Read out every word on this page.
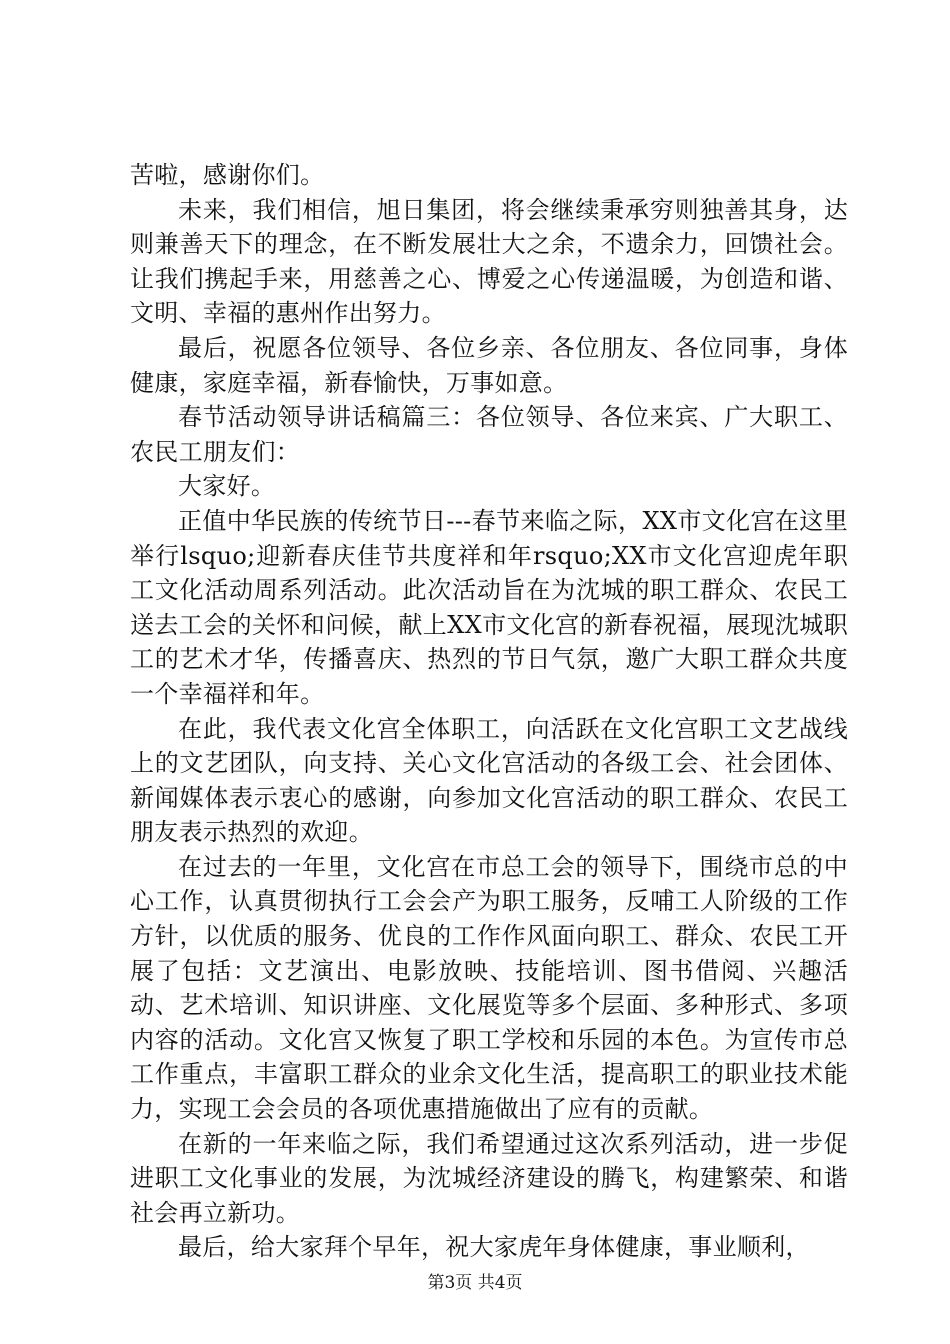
苦啦，感谢你们。

未来，我们相信，旭日集团，将会继续秉承穷则独善其身，达则兼善天下的理念，在不断发展壮大之余，不遗余力，回馈社会。让我们携起手来，用慈善之心、博爱之心传递温暖，为创造和谐、文明、幸福的惠州作出努力。

最后，祝愿各位领导、各位乡亲、各位朋友、各位同事，身体健康，家庭幸福，新春愉快，万事如意。

春节活动领导讲话稿篇三：各位领导、各位来宾、广大职工、农民工朋友们：

大家好。

正值中华民族的传统节日---春节来临之际，XX市文化宫在这里举行lsquo;迎新春庆佳节共度祥和年rsquo;XX市文化宫迎虎年职工文化活动周系列活动。此次活动旨在为沈城的职工群众、农民工送去工会的关怀和问候，献上XX市文化宫的新春祝福，展现沈城职工的艺术才华，传播喜庆、热烈的节日气氛，邀广大职工群众共度一个幸福祥和年。

在此，我代表文化宫全体职工，向活跃在文化宫职工文艺战线上的文艺团队，向支持、关心文化宫活动的各级工会、社会团体、新闻媒体表示衷心的感谢，向参加文化宫活动的职工群众、农民工朋友表示热烈的欢迎。

在过去的一年里，文化宫在市总工会的领导下，围绕市总的中心工作，认真贯彻执行工会会产为职工服务，反哺工人阶级的工作方针，以优质的服务、优良的工作作风面向职工、群众、农民工开展了包括：文艺演出、电影放映、技能培训、图书借阅、兴趣活动、艺术培训、知识讲座、文化展览等多个层面、多种形式、多项内容的活动。文化宫又恢复了职工学校和乐园的本色。为宣传市总工作重点，丰富职工群众的业余文化生活，提高职工的职业技术能力，实现工会会员的各项优惠措施做出了应有的贡献。

在新的一年来临之际，我们希望通过这次系列活动，进一步促进职工文化事业的发展，为沈城经济建设的腾飞，构建繁荣、和谐社会再立新功。

最后，给大家拜个早年，祝大家虎年身体健康，事业顺利，

第3页 共4页
